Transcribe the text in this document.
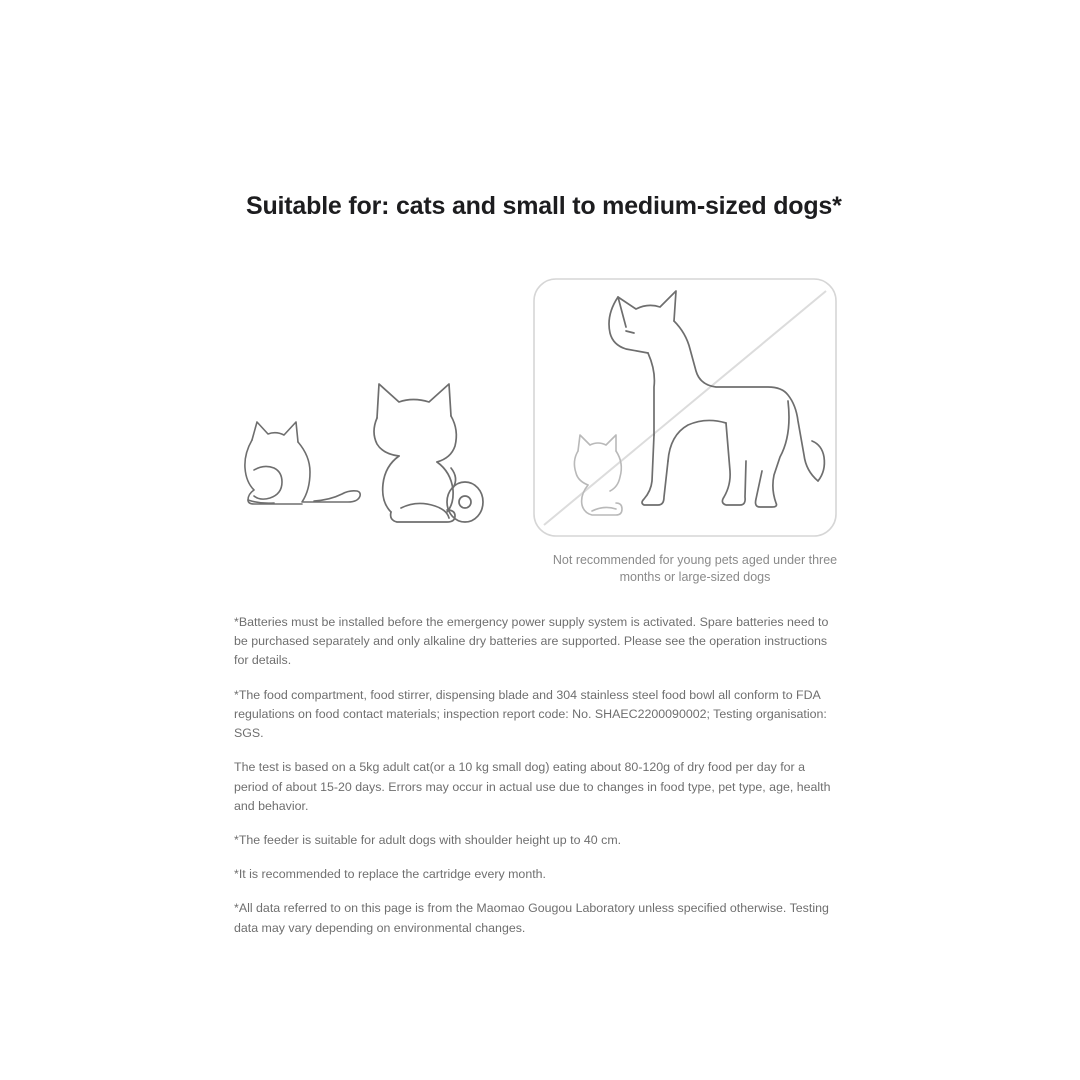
Suitable for: cats and small to medium-sized dogs*
Not recommended for young pets aged under three months or large-sized dogs
*Batteries must be installed before the emergency power supply system is activated. Spare batteries need to be purchased separately and only alkaline dry batteries are supported. Please see the operation instructions for details.
*The food compartment, food stirrer, dispensing blade and 304 stainless steel food bowl all conform to FDA regulations on food contact materials; inspection report code: No. SHAEC2200090002; Testing organisation: SGS.
The test is based on a 5kg adult cat(or a 10 kg small dog) eating about 80-120g of dry food per day for a period of about 15-20 days. Errors may occur in actual use due to changes in food type, pet type, age, health and behavior.
*The feeder is suitable for adult dogs with shoulder height up to 40 cm.
*It is recommended to replace the cartridge every month.
*All data referred to on this page is from the Maomao Gougou Laboratory unless specified otherwise. Testing data may vary depending on environmental changes.
